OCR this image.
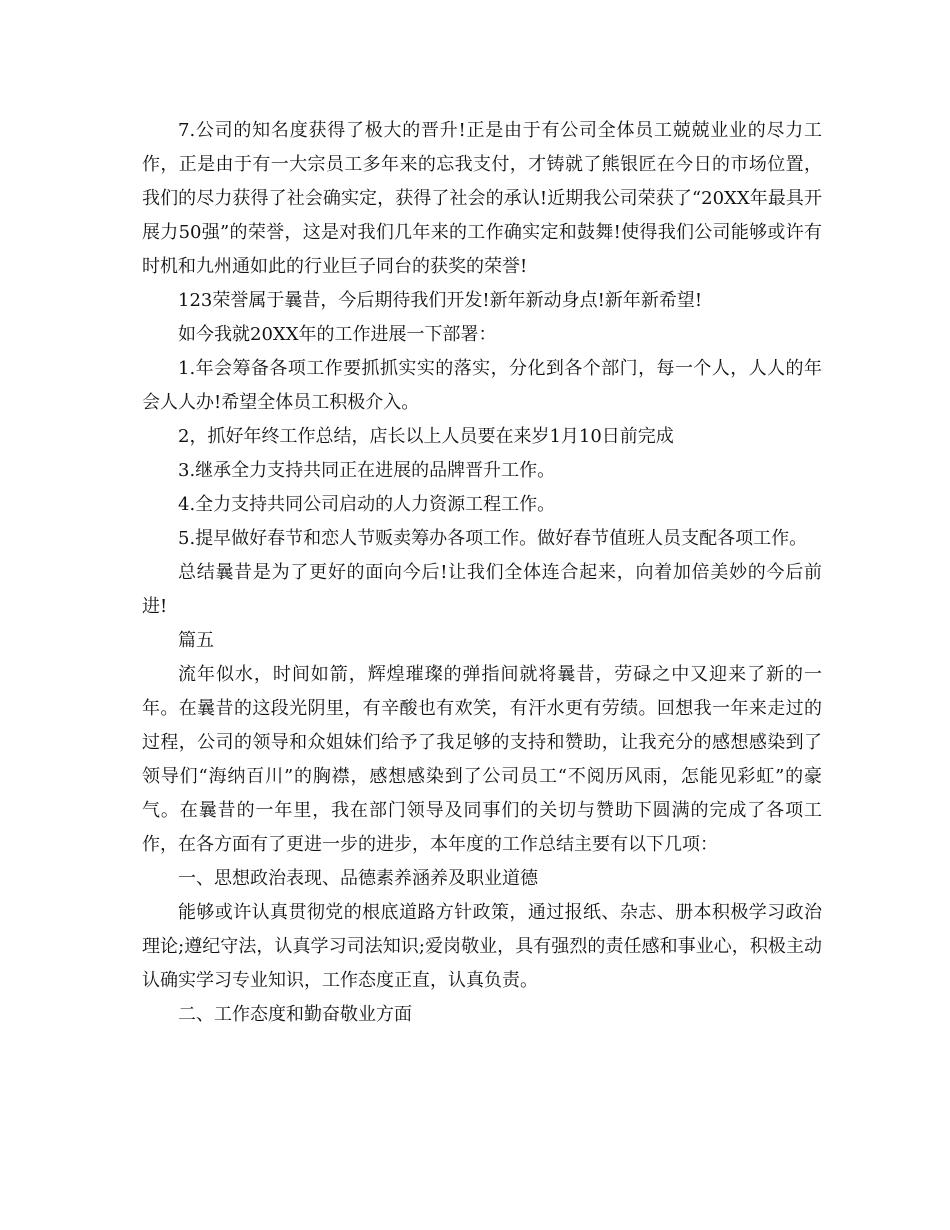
7.公司的知名度获得了极大的晋升!正是由于有公司全体员工兢兢业业的尽力工作，正是由于有一大宗员工多年来的忘我支付，才铸就了熊银匠在今日的市场位置，我们的尽力获得了社会确实定，获得了社会的承认!近期我公司荣获了“20XX年最具开展力50强”的荣誉，这是对我们几年来的工作确实定和鼓舞!使得我们公司能够或许有时机和九州通如此的行业巨子同台的获奖的荣誉!

123荣誉属于曩昔，今后期待我们开发!新年新动身点!新年新希望!

如今我就20XX年的工作进展一下部署：

1.年会筹备各项工作要抓抓实实的落实，分化到各个部门，每一个人，人人的年会人人办!希望全体员工积极介入。

2，抓好年终工作总结，店长以上人员要在来岁1月10日前完成

3.继承全力支持共同正在进展的品牌晋升工作。

4.全力支持共同公司启动的人力资源工程工作。

5.提早做好春节和恋人节贩卖筹办各项工作。做好春节值班人员支配各项工作。

总结曩昔是为了更好的面向今后!让我们全体连合起来，向着加倍美妙的今后前进!

篇五

流年似水，时间如箭，辉煌璀璨的弹指间就将曩昔，劳碌之中又迎来了新的一年。在曩昔的这段光阴里，有辛酸也有欢笑，有汗水更有劳绩。回想我一年来走过的过程，公司的领导和众姐妹们给予了我足够的支持和赞助，让我充分的感想感染到了领导们“海纳百川”的胸襟，感想感染到了公司员工“不阅历风雨，怎能见彩虹”的豪气。在曩昔的一年里，我在部门领导及同事们的关切与赞助下圆满的完成了各项工作，在各方面有了更进一步的进步，本年度的工作总结主要有以下几项：

一、思想政治表现、品德素养涵养及职业道德

能够或许认真贯彻党的根底道路方针政策，通过报纸、杂志、册本积极学习政治理论;遵纪守法，认真学习司法知识;爱岗敬业，具有强烈的责任感和事业心，积极主动认确实学习专业知识，工作态度正直，认真负责。

二、工作态度和勤奋敬业方面
